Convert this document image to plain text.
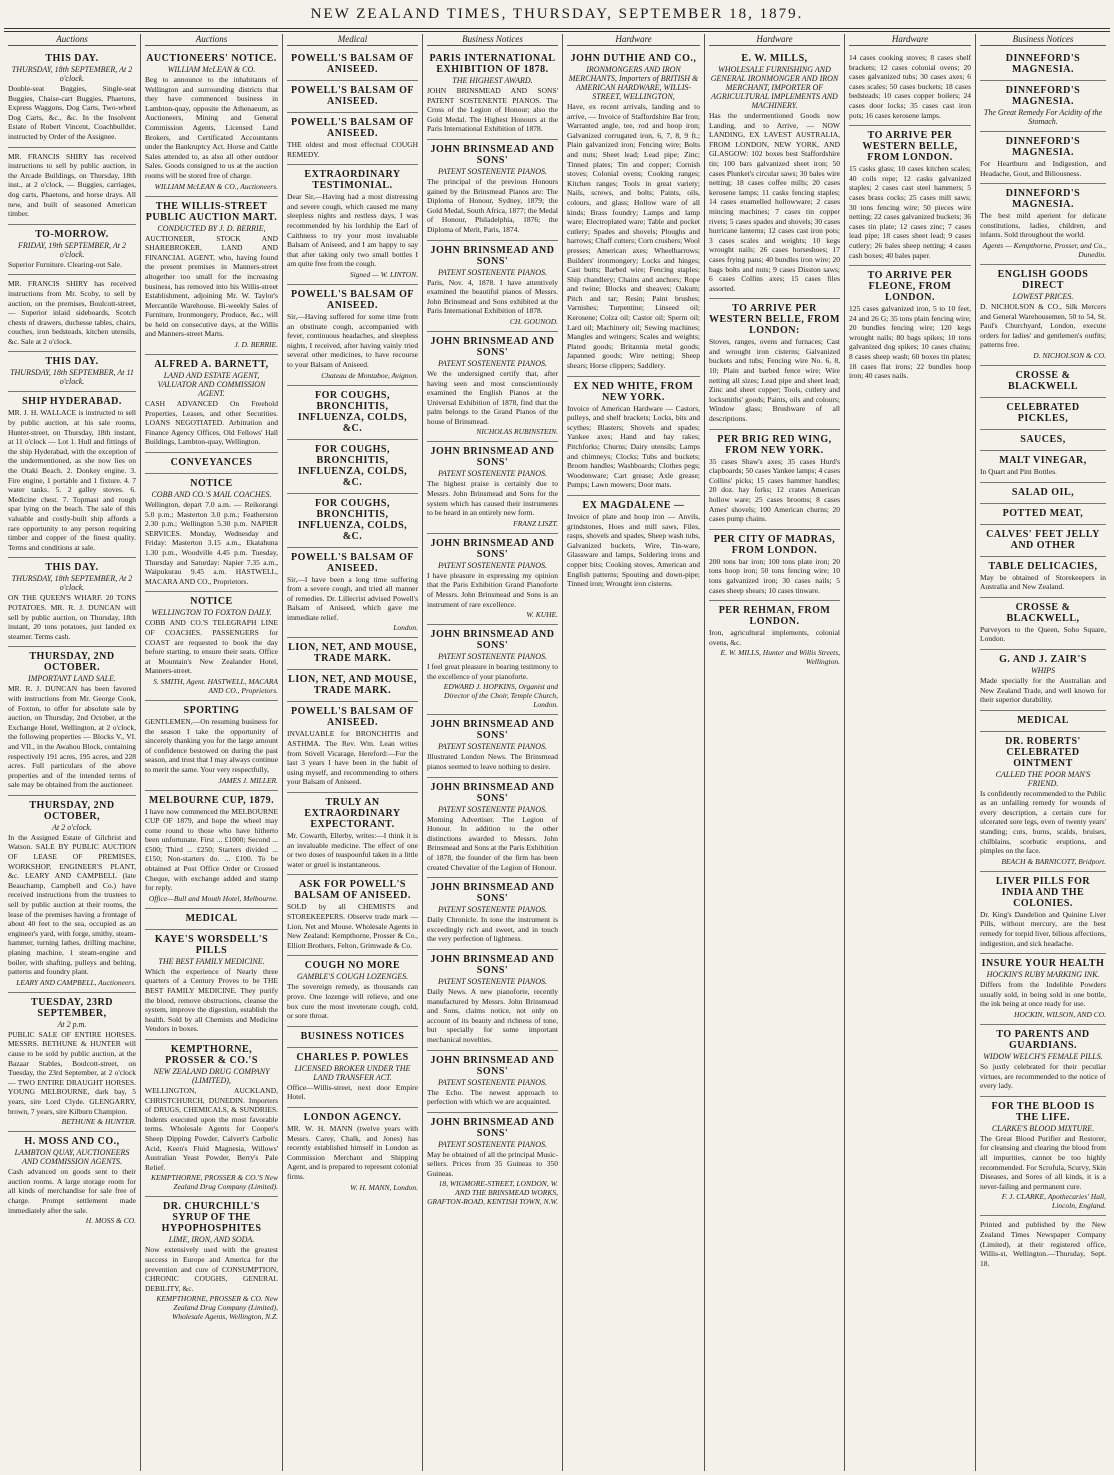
NEW ZEALAND TIMES, THURSDAY, SEPTEMBER 18, 1879.
Auctions
THIS DAY.
THURSDAY, 18th SEPTEMBER, At 2 o'clock.
Double-seat Buggies, Single-seat Buggies, Chaise-cart Buggies, Phaetons, Express Waggons, Dog Carts, Two-wheel Dog Carts, &c., &c. In the Insolvent Estate of Robert Vincent, Coachbuilder, instructed by Order of the Assignee.
MR. FRANCIS SHIRY has received instructions to sell by public auction, in the Arcade Buildings, on Thursday, 18th inst., at 2 o'clock, — Buggies, carriages, dog carts, Phaetons, and horse drays. All new, and built of seasoned American timber.
TO-MORROW.
FRIDAY, 19th SEPTEMBER, At 2 o'clock.
Superior Furniture. Clearing-out Sale.
MR. FRANCIS SHIRY has received instructions from Mr. Scoby, to sell by auction, on the premises, Boulcott-street, — Superior inlaid sideboards, Scotch chests of drawers, duchesse tables, chairs, couches, iron bedsteads, kitchen utensils, &c. Sale at 2 o'clock.
THIS DAY.
THURSDAY, 18th SEPTEMBER, At 11 o'clock.
SHIP HYDERABAD.
MR. J. H. WALLACE is instructed to sell by public auction, at his sale rooms, Hunter-street, on Thursday, 18th instant, at 11 o'clock — Lot 1. Hull and fittings of the ship Hyderabad, with the exception of the undermentioned, as she now lies on the Otaki Beach. 2. Donkey engine. 3. Fire engine, 1 portable and 1 fixture. 4. 7 water tanks. 5. 2 galley stoves. 6. Medicine chest. 7. Topmast and rough spar lying on the beach. The sale of this valuable and costly-built ship affords a rare opportunity to any person requiring timber and copper of the finest quality. Terms and conditions at sale.
THIS DAY.
THURSDAY, 18th SEPTEMBER, At 2 o'clock.
ON THE QUEEN'S WHARF. 20 TONS POTATOES. MR. R. J. DUNCAN will sell by public auction, on Thursday, 18th instant, 20 tons potatoes, just landed ex steamer. Terms cash.
THURSDAY, 2ND OCTOBER.
IMPORTANT LAND SALE.
MR. R. J. DUNCAN has been favored with instructions from Mr. George Cook, of Foxton, to offer for absolute sale by auction, on Thursday, 2nd October, at the Exchange Hotel, Wellington, at 2 o'clock, the following properties — Blocks V., VI. and VII., in the Awahou Block, containing respectively 191 acres, 195 acres, and 228 acres. Full particulars of the above properties and of the intended terms of sale may be obtained from the auctioneer.
THURSDAY, 2ND OCTOBER,
At 2 o'clock.
In the Assigned Estate of Gilchrist and Watson. SALE BY PUBLIC AUCTION OF LEASE OF PREMISES, WORKSHOP, ENGINEER'S PLANT, &c. LEARY AND CAMPBELL (late Beauchamp, Campbell and Co.) have received instructions from the trustees to sell by public auction at their rooms, the lease of the premises having a frontage of about 40 feet to the sea, occupied as an engineer's yard, with forge, smithy, steam-hammer, turning lathes, drilling machine, planing machine, 1 steam-engine and boiler, with shafting, pulleys and belting, patterns and foundry plant.
LEARY AND CAMPBELL, Auctioneers.
TUESDAY, 23RD SEPTEMBER,
At 2 p.m.
PUBLIC SALE OF ENTIRE HORSES. MESSRS. BETHUNE & HUNTER will cause to be sold by public auction, at the Bazaar Stables, Boulcott-street, on Tuesday, the 23rd September, at 2 o'clock — TWO ENTIRE DRAUGHT HORSES. YOUNG MELBOURNE, dark bay, 5 years, sire Lord Clyde. GLENGARRY, brown, 7 years, sire Kilburn Champion.
BETHUNE & HUNTER.
H. MOSS AND CO.,
LAMBTON QUAY, AUCTIONEERS AND COMMISSION AGENTS.
Cash advanced on goods sent to their auction rooms. A large storage room for all kinds of merchandise for sale free of charge. Prompt settlement made immediately after the sale.
H. MOSS & CO.
Auctions
AUCTIONEERS' NOTICE.
WILLIAM McLEAN & CO.
Beg to announce to the inhabitants of Wellington and surrounding districts that they have commenced business in Lambton-quay, opposite the Athenaeum, as Auctioneers, Mining and General Commission Agents, Licensed Land Brokers, and Certificated Accountants under the Bankruptcy Act. Horse and Cattle Sales attended to, as also all other outdoor Sales. Goods consigned to us at the auction rooms will be stored free of charge.
WILLIAM McLEAN & CO., Auctioneers.
THE WILLIS-STREET PUBLIC AUCTION MART.
CONDUCTED BY J. D. BERRIE,
AUCTIONEER, STOCK AND SHAREBROKER, LAND AND FINANCIAL AGENT, who, having found the present premises in Manners-street altogether too small for the increasing business, has removed into his Willis-street Establishment, adjoining Mr. W. Taylor's Mercantile Warehouse. Bi-weekly Sales of Furniture, Ironmongery, Produce, &c., will be held on consecutive days, at the Willis and Manners-street Marts.
J. D. BERRIE.
ALFRED A. BARNETT,
LAND AND ESTATE AGENT, VALUATOR AND COMMISSION AGENT.
CASH ADVANCED On Freehold Properties, Leases, and other Securities. LOANS NEGOTIATED. Arbitration and Finance Agency Offices, Old Fellows' Hall Buildings, Lambton-quay, Wellington.
CONVEYANCES
NOTICE
COBB AND CO.'S MAIL COACHES.
Wellington, depart 7.0 a.m. — Reikorangi 5.0 p.m.; Masterton 3.0 p.m.; Featherston 2.30 p.m.; Wellington 5.30 p.m. NAPIER SERVICES. Monday, Wednesday and Friday: Masterton 3.15 a.m., Ekatahuna 1.30 p.m., Woodville 4.45 p.m. Tuesday, Thursday and Saturday: Napier 7.35 a.m., Waipukurau 9.45 a.m. HASTWELL, MACARA AND CO., Proprietors.
NOTICE
WELLINGTON TO FOXTON DAILY.
COBB AND CO.'S TELEGRAPH LINE OF COACHES. PASSENGERS for COAST are requested to book the day before starting, to ensure their seats. Office at Mountain's New Zealander Hotel, Manners-street.
S. SMITH, Agent. HASTWELL, MACARA AND CO., Proprietors.
SPORTING
GENTLEMEN,—On resuming business for the season I take the opportunity of sincerely thanking you for the large amount of confidence bestowed on during the past season, and trust that I may always continue to merit the same. Your very respectfully,
JAMES J. MILLER.
MELBOURNE CUP, 1879.
I have now commenced the MELBOURNE CUP OF 1879, and hope the wheel may come round to those who have hitherto been unfortunate. First ... £1000; Second ... £500; Third ... £250; Starters divided ... £150; Non-starters do. ... £100. To be obtained at Post Office Order or Crossed Cheque, with exchange added and stamp for reply.
Office—Bull and Mouth Hotel, Melbourne.
MEDICAL
KAYE'S WORSDELL'S PILLS
THE BEST FAMILY MEDICINE.
Which the experience of Nearly three quarters of a Century Proves to be THE BEST FAMILY MEDICINE. They purify the blood, remove obstructions, cleanse the system, improve the digestion, establish the health. Sold by all Chemists and Medicine Vendors in boxes.
KEMPTHORNE, PROSSER & CO.'S
NEW ZEALAND DRUG COMPANY (LIMITED),
WELLINGTON, AUCKLAND, CHRISTCHURCH, DUNEDIN. Importers of DRUGS, CHEMICALS, & SUNDRIES. Indents executed upon the most favorable terms. Wholesale Agents for Cooper's Sheep Dipping Powder, Calvert's Carbolic Acid, Keen's Fluid Magnesia, Willows' Australian Yeast Powder, Berry's Pale Relief.
KEMPTHORNE, PROSSER & CO.'S New Zealand Drug Company (Limited).
DR. CHURCHILL'S SYRUP OF THE HYPOPHOSPHITES
LIME, IRON, AND SODA.
Now extensively used with the greatest success in Europe and America for the prevention and cure of CONSUMPTION, CHRONIC COUGHS, GENERAL DEBILITY, &c.
KEMPTHORNE, PROSSER & CO. New Zealand Drug Company (Limited), Wholesale Agents, Wellington, N.Z.
Medical
POWELL'S BALSAM OF ANISEED.
POWELL'S BALSAM OF ANISEED.
POWELL'S BALSAM OF ANISEED.
THE oldest and most effectual COUGH REMEDY.
EXTRAORDINARY TESTIMONIAL.
Dear Sir,—Having had a most distressing and severe cough, which caused me many sleepless nights and restless days, I was recommended by his lordship the Earl of Caithness to try your most invaluable Balsam of Aniseed, and I am happy to say that after taking only two small bottles I am quite free from the cough.
Signed — W. LINTON.
POWELL'S BALSAM OF ANISEED.
Sir,—Having suffered for some time from an obstinate cough, accompanied with fever, continuous headaches, and sleepless nights, I received, after having vainly tried several other medicines, to have recourse to your Balsam of Aniseed.
Chateau de Montaboe, Avignon.
FOR COUGHS, BRONCHITIS, INFLUENZA, COLDS, &C.
FOR COUGHS, BRONCHITIS, INFLUENZA, COLDS, &C.
FOR COUGHS, BRONCHITIS, INFLUENZA, COLDS, &C.
POWELL'S BALSAM OF ANISEED.
Sir,—I have been a long time suffering from a severe cough, and tried all manner of remedies. Dr. Lillecrist advised Powell's Balsam of Aniseed, which gave me immediate relief.
London.
LION, NET, AND MOUSE, TRADE MARK.
LION, NET, AND MOUSE, TRADE MARK.
POWELL'S BALSAM OF ANISEED.
INVALUABLE for BRONCHITIS and ASTHMA. The Rev. Wm. Lean writes from Stivell Vicarage, Hereford:—For the last 3 years I have been in the habit of using myself, and recommending to others your Balsam of Aniseed.
TRULY AN EXTRAORDINARY EXPECTORANT.
Mr. Cowarth, Ellerby, writes:—I think it is an invaluable medicine. The effect of one or two doses of teaspoonful taken in a little water or gruel is instantaneous.
ASK FOR POWELL'S BALSAM OF ANISEED.
SOLD by all CHEMISTS and STOREKEEPERS. Observe trade mark — Lion, Net and Mouse. Wholesale Agents in New Zealand: Kempthorne, Prosser & Co., Elliott Brothers, Felton, Grimwade & Co.
COUGH NO MORE
GAMBLE'S COUGH LOZENGES.
The sovereign remedy, as thousands can prove. One lozenge will relieve, and one box cure the most inveterate cough, cold, or sore throat.
BUSINESS NOTICES
CHARLES P. POWLES
LICENSED BROKER UNDER THE LAND TRANSFER ACT.
Office—Willis-street, next door Empire Hotel.
LONDON AGENCY.
MR. W. H. MANN (twelve years with Messrs. Carey, Chalk, and Jones) has recently established himself in London as Commission Merchant and Shipping Agent, and is prepared to represent colonial firms.
W. H. MANN, London.
Business Notices
PARIS INTERNATIONAL EXHIBITION OF 1878.
THE HIGHEST AWARD.
JOHN BRINSMEAD AND SONS' PATENT SOSTENENTE PIANOS. The Cross of the Legion of Honour; also the Gold Medal. The Highest Honours at the Paris International Exhibition of 1878.
JOHN BRINSMEAD AND SONS'
PATENT SOSTENENTE PIANOS.
The principal of the previous Honours gained by the Brinsmead Pianos are: The Diploma of Honour, Sydney, 1879; the Gold Medal, South Africa, 1877; the Medal of Honour, Philadelphia, 1876; the Diploma of Merit, Paris, 1874.
JOHN BRINSMEAD AND SONS'
PATENT SOSTENENTE PIANOS.
Paris, Nov. 4, 1878. I have attentively examined the beautiful pianos of Messrs. John Brinsmead and Sons exhibited at the Paris International Exhibition of 1878.
CH. GOUNOD.
JOHN BRINSMEAD AND SONS'
PATENT SOSTENENTE PIANOS.
We the undersigned certify that, after having seen and most conscientiously examined the English Pianos at the Universal Exhibition of 1878, find that the palm belongs to the Grand Pianos of the house of Brinsmead.
NICHOLAS RUBINSTEIN.
JOHN BRINSMEAD AND SONS'
PATENT SOSTENENTE PIANOS.
The highest praise is certainly due to Messrs. John Brinsmead and Sons for the system which has caused their instruments to be heard in an entirely new form.
FRANZ LISZT.
JOHN BRINSMEAD AND SONS'
PATENT SOSTENENTE PIANOS.
I have pleasure in expressing my opinion that the Paris Exhibition Grand Pianoforte of Messrs. John Brinsmead and Sons is an instrument of rare excellence.
W. KUHE.
JOHN BRINSMEAD AND SONS'
PATENT SOSTENENTE PIANOS.
I feel great pleasure in bearing testimony to the excellence of your pianoforte.
EDWARD J. HOPKINS, Organist and Director of the Choir, Temple Church, London.
JOHN BRINSMEAD AND SONS'
PATENT SOSTENENTE PIANOS.
Illustrated London News. The Brinsmead pianos seemed to leave nothing to desire.
JOHN BRINSMEAD AND SONS'
PATENT SOSTENENTE PIANOS.
Morning Advertiser. The Legion of Honour. In addition to the other distinctions awarded to Messrs. John Brinsmead and Sons at the Paris Exhibition of 1878, the founder of the firm has been created Chevalier of the Legion of Honour.
JOHN BRINSMEAD AND SONS'
PATENT SOSTENENTE PIANOS.
Daily Chronicle. In tone the instrument is exceedingly rich and sweet, and in touch the very perfection of lightness.
JOHN BRINSMEAD AND SONS'
PATENT SOSTENENTE PIANOS.
Daily News. A new pianoforte, recently manufactured by Messrs. John Brinsmead and Sons, claims notice, not only on account of its beauty and richness of tone, but specially for some important mechanical novelties.
JOHN BRINSMEAD AND SONS'
PATENT SOSTENENTE PIANOS.
The Echo. The newest approach to perfection with which we are acquainted.
JOHN BRINSMEAD AND SONS'
PATENT SOSTENENTE PIANOS.
May be obtained of all the principal Music-sellers. Prices from 35 Guineas to 350 Guineas.
18, WIGMORE-STREET, LONDON, W. AND THE BRINSMEAD WORKS, GRAFTON-ROAD, KENTISH TOWN, N.W.
Hardware
JOHN DUTHIE AND CO.,
IRONMONGERS AND IRON MERCHANTS, Importers of BRITISH & AMERICAN HARDWARE, WILLIS-STREET, WELLINGTON,
Have, ex recent arrivals, landing and to arrive, — Invoice of Staffordshire Bar Iron; Warranted angle, tee, rod and hoop iron; Galvanized corrugated iron, 6, 7, 8, 9 ft.; Plain galvanized iron; Fencing wire; Bolts and nuts; Sheet lead; Lead pipe; Zinc; Tinned plates; Tin and copper; Cornish stoves; Colonial ovens; Cooking ranges; Kitchen ranges; Tools in great variety; Nails, screws, and bolts; Paints, oils, colours, and glass; Hollow ware of all kinds; Brass foundry; Lamps and lamp ware; Electroplated ware; Table and pocket cutlery; Spades and shovels; Ploughs and harrows; Chaff cutters; Corn crushers; Wool presses; American axes; Wheelbarrows; Builders' ironmongery; Locks and hinges; Cast butts; Barbed wire; Fencing staples; Ship chandlery; Chains and anchors; Rope and twine; Blocks and sheaves; Oakum; Pitch and tar; Resin; Paint brushes; Varnishes; Turpentine; Linseed oil; Kerosene; Colza oil; Castor oil; Sperm oil; Lard oil; Machinery oil; Sewing machines; Mangles and wringers; Scales and weights; Plated goods; Britannia metal goods; Japanned goods; Wire netting; Sheep shears; Horse clippers; Saddlery.
EX NED WHITE, FROM NEW YORK.
Invoice of American Hardware — Castors, pulleys, and shelf brackets; Locks, bits and scythes; Blasters; Shovels and spades; Yankee axes; Hand and hay rakes; Pitchforks; Churns; Dairy utensils; Lamps and chimneys; Clocks; Tubs and buckets; Broom handles; Washboards; Clothes pegs; Woodenware; Cart grease; Axle grease; Pumps; Lawn mowers; Door mats.
EX MAGDALENE —
Invoice of plate and hoop iron — Anvils, grindstones, Hoes and mill saws, Files, rasps, shovels and spades, Sheep wash tubs, Galvanized buckets, Wire, Tin-ware, Glassware and lamps, Soldering irons and copper bits; Cooking stoves, American and English patterns; Spouting and down-pipe; Tinned iron; Wrought iron cisterns.
Hardware
E. W. MILLS,
WHOLESALE FURNISHING AND GENERAL IRONMONGER AND IRON MERCHANT, IMPORTER OF AGRICULTURAL IMPLEMENTS AND MACHINERY.
Has the undermentioned Goods now Landing, and to Arrive, — NOW LANDING, EX LAVEST AUSTRALIA, FROM LONDON, NEW YORK, AND GLASGOW: 102 boxes best Staffordshire tin; 100 bars galvanized sheet iron; 50 cases Plunket's circular saws; 30 bales wire netting; 18 cases coffee mills; 20 cases kerosene lamps; 11 casks fencing staples; 14 cases enamelled hollowware; 2 cases mincing machines; 7 cases tin copper rivets; 5 cases spades and shovels; 30 cases hurricane lanterns; 12 cases cast iron pots; 3 cases scales and weights; 10 kegs wrought nails; 26 cases horseshoes; 17 cases frying pans; 40 bundles iron wire; 20 bags bolts and nuts; 9 cases Disston saws; 6 cases Collins axes; 15 cases files assorted.
TO ARRIVE PER WESTERN BELLE, FROM LONDON:
Stoves, ranges, ovens and furnaces; Cast and wrought iron cisterns; Galvanized buckets and tubs; Fencing wire No. 6, 8, 10; Plain and barbed fence wire; Wire netting all sizes; Lead pipe and sheet lead; Zinc and sheet copper; Tools, cutlery and locksmiths' goods; Paints, oils and colours; Window glass; Brushware of all descriptions.
PER BRIG RED WING, FROM NEW YORK.
35 cases Shaw's axes; 35 cases Hurd's clapboards; 50 cases Yankee lamps; 4 cases Collins' picks; 15 cases hammer handles; 20 doz. hay forks; 12 crates American hollow ware; 25 cases brooms; 8 cases Ames' shovels; 100 American churns; 20 cases pump chains.
PER CITY OF MADRAS, FROM LONDON.
200 tons bar iron; 100 tons plate iron; 20 tons hoop iron; 50 tons fencing wire; 10 tons galvanized iron; 30 cases nails; 5 cases sheep shears; 10 cases tinware.
PER REHMAN, FROM LONDON.
Iron, agricultural implements, colonial ovens, &c.
E. W. MILLS, Hunter and Willis Streets, Wellington.
Hardware
14 cases cooking stoves; 8 cases shelf brackets; 12 cases colonial ovens; 20 cases galvanized tubs; 30 cases axes; 6 cases scales; 50 cases buckets; 18 cases bedsteads; 10 cases copper boilers; 24 cases door locks; 35 cases cast iron pots; 16 cases kerosene lamps.
TO ARRIVE PER WESTERN BELLE, FROM LONDON.
15 casks glass; 10 cases kitchen scales; 40 coils rope; 12 casks galvanized staples; 2 cases cast steel hammers; 5 cases brass cocks; 25 cases mill saws; 30 tons fencing wire; 50 pieces wire netting; 22 cases galvanized buckets; 36 cases tin plate; 12 cases zinc; 7 cases lead pipe; 18 cases sheet lead; 9 cases cutlery; 26 bales sheep netting; 4 cases cash boxes; 40 bales paper.
TO ARRIVE PER FLEONE, FROM LONDON.
125 cases galvanized iron, 5 to 10 feet, 24 and 26 G; 35 tons plain fencing wire; 20 bundles fencing wire; 120 kegs wrought nails; 80 bags spikes; 10 tons galvanized dog spikes; 10 cases chains; 8 cases sheep wash; 60 boxes tin plates; 18 cases flat irons; 22 bundles hoop iron; 40 cases nails.
Business Notices
DINNEFORD'S MAGNESIA.
DINNEFORD'S MAGNESIA.
The Great Remedy For Acidity of the Stomach.
DINNEFORD'S MAGNESIA.
For Heartburn and Indigestion, and Headache, Gout, and Biliousness.
DINNEFORD'S MAGNESIA.
The best mild aperient for delicate constitutions, ladies, children, and infants. Sold throughout the world.
Agents — Kempthorne, Prosser, and Co., Dunedin.
ENGLISH GOODS DIRECT
LOWEST PRICES.
D. NICHOLSON & CO., Silk Mercers and General Warehousemen, 50 to 54, St. Paul's Churchyard, London, execute orders for ladies' and gentlemen's outfits; patterns free.
D. NICHOLSON & CO.
CROSSE & BLACKWELL
CELEBRATED PICKLES,
SAUCES,
MALT VINEGAR,
In Quart and Pint Bottles.
SALAD OIL,
POTTED MEAT,
CALVES' FEET JELLY AND OTHER
TABLE DELICACIES,
May be obtained of Storekeepers in Australia and New Zealand.
CROSSE & BLACKWELL,
Purveyors to the Queen, Soho Square, London.
G. AND J. ZAIR'S
WHIPS
Made specially for the Australian and New Zealand Trade, and well known for their superior durability.
MEDICAL
DR. ROBERTS' CELEBRATED OINTMENT
CALLED THE POOR MAN'S FRIEND.
Is confidently recommended to the Public as an unfailing remedy for wounds of every description, a certain cure for ulcerated sore legs, even of twenty years' standing; cuts, burns, scalds, bruises, chilblains, scorbutic eruptions, and pimples on the face.
BEACH & BARNICOTT, Bridport.
LIVER PILLS FOR INDIA AND THE COLONIES.
Dr. King's Dandelion and Quinine Liver Pills, without mercury, are the best remedy for torpid liver, bilious affections, indigestion, and sick headache.
INSURE YOUR HEALTH
HOCKIN'S RUBY MARKING INK.
Differs from the Indelible Powders usually sold, in being sold in one bottle, the ink being at once ready for use.
HOCKIN, WILSON, AND CO.
TO PARENTS AND GUARDIANS.
WIDOW WELCH'S FEMALE PILLS.
So justly celebrated for their peculiar virtues, are recommended to the notice of every lady.
FOR THE BLOOD IS THE LIFE.
CLARKE'S BLOOD MIXTURE.
The Great Blood Purifier and Restorer, for cleansing and clearing the blood from all impurities, cannot be too highly recommended. For Scrofula, Scurvy, Skin Diseases, and Sores of all kinds, it is a never-failing and permanent cure.
F. J. CLARKE, Apothecaries' Hall, Lincoln, England.
Printed and published by the New Zealand Times Newspaper Company (Limited), at their registered office, Willis-st, Wellington.—Thursday, Sept. 18.
